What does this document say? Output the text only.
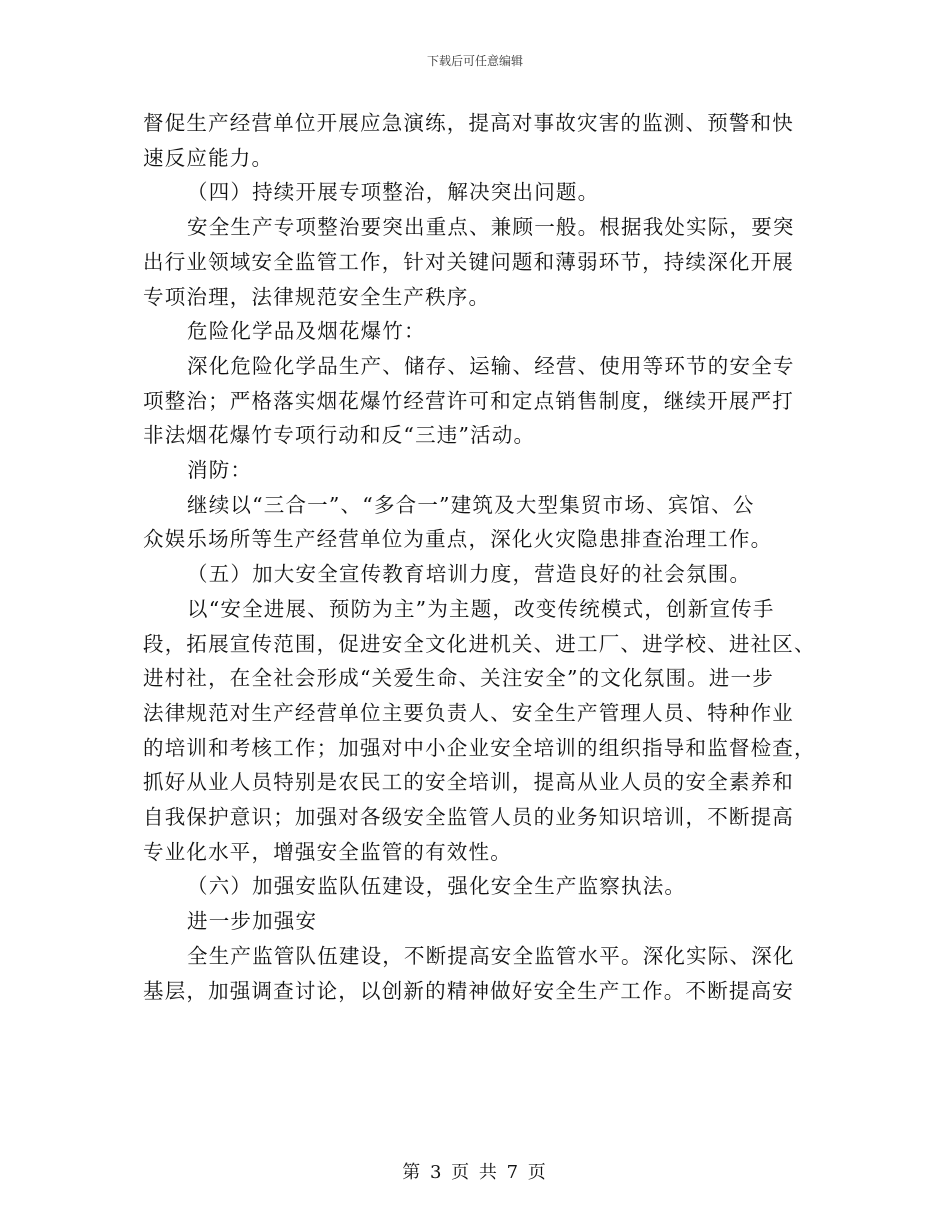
下载后可任意编辑

督促生产经营单位开展应急演练，提高对事故灾害的监测、预警和快

速反应能力。

（四）持续开展专项整治，解决突出问题。

安全生产专项整治要突出重点、兼顾一般。根据我处实际，要突

出行业领域安全监管工作，针对关键问题和薄弱环节，持续深化开展

专项治理，法律规范安全生产秩序。

危险化学品及烟花爆竹：

深化危险化学品生产、储存、运输、经营、使用等环节的安全专

项整治；严格落实烟花爆竹经营许可和定点销售制度，继续开展严打

非法烟花爆竹专项行动和反“三违”活动。

消防：

继续以“三合一”、“多合一”建筑及大型集贸市场、宾馆、公

众娱乐场所等生产经营单位为重点，深化火灾隐患排查治理工作。

（五）加大安全宣传教育培训力度，营造良好的社会氛围。

以“安全进展、预防为主”为主题，改变传统模式，创新宣传手

段，拓展宣传范围，促进安全文化进机关、进工厂、进学校、进社区、

进村社，在全社会形成“关爱生命、关注安全”的文化氛围。进一步

法律规范对生产经营单位主要负责人、安全生产管理人员、特种作业

的培训和考核工作；加强对中小企业安全培训的组织指导和监督检查，

抓好从业人员特别是农民工的安全培训，提高从业人员的安全素养和

自我保护意识；加强对各级安全监管人员的业务知识培训，不断提高

专业化水平，增强安全监管的有效性。

（六）加强安监队伍建设，强化安全生产监察执法。

进一步加强安

全生产监管队伍建设，不断提高安全监管水平。深化实际、深化

基层，加强调查讨论，以创新的精神做好安全生产工作。不断提高安

第 3 页 共 7 页
